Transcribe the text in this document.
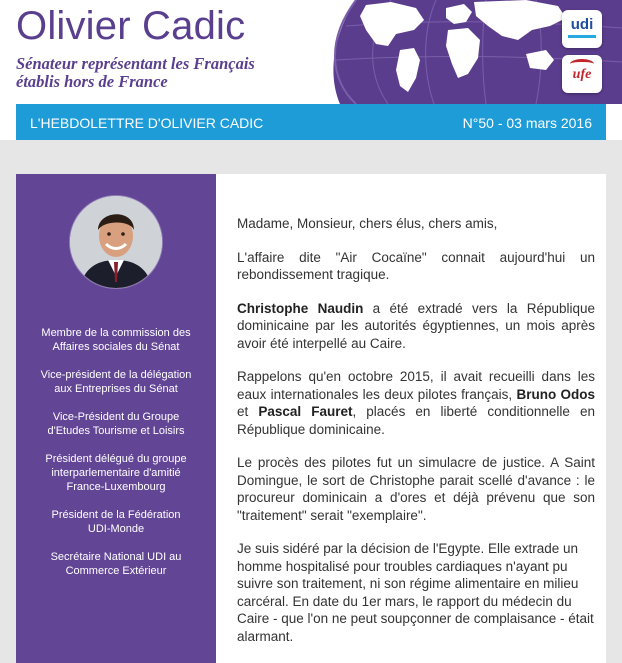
Olivier Cadic
Sénateur représentant les Français
établis hors de France
udi
ufe
L'HEBDOLETTRE D'OLIVIER CADIC	N°50 - 03 mars 2016
Membre de la commission des
Affaires sociales du Sénat
Vice-président de la délégation
aux Entreprises du Sénat
Vice-Président du Groupe
d'Etudes Tourisme et Loisirs
Président délégué du groupe
interparlementaire d'amitié
France-Luxembourg
Président de la Fédération
UDI-Monde
Secrétaire National UDI au
Commerce Extérieur

Madame, Monsieur, chers élus, chers amis,

L'affaire dite "Air Cocaïne" connait aujourd'hui un rebondissement tragique.

Christophe Naudin a été extradé vers la République dominicaine par les autorités égyptiennes, un mois après avoir été interpellé au Caire.

Rappelons qu'en octobre 2015, il avait recueilli dans les eaux internationales les deux pilotes français, Bruno Odos et Pascal Fauret, placés en liberté conditionnelle en République dominicaine.

Le procès des pilotes fut un simulacre de justice. A Saint Domingue, le sort de Christophe parait scellé d'avance : le procureur dominicain a d'ores et déjà prévenu que son "traitement" serait "exemplaire".

Je suis sidéré par la décision de l'Egypte. Elle extrade un homme hospitalisé pour troubles cardiaques n'ayant pu suivre son traitement, ni son régime alimentaire en milieu carcéral. En date du 1er mars, le rapport du médecin du Caire - que l'on ne peut soupçonner de complaisance - était alarmant.
